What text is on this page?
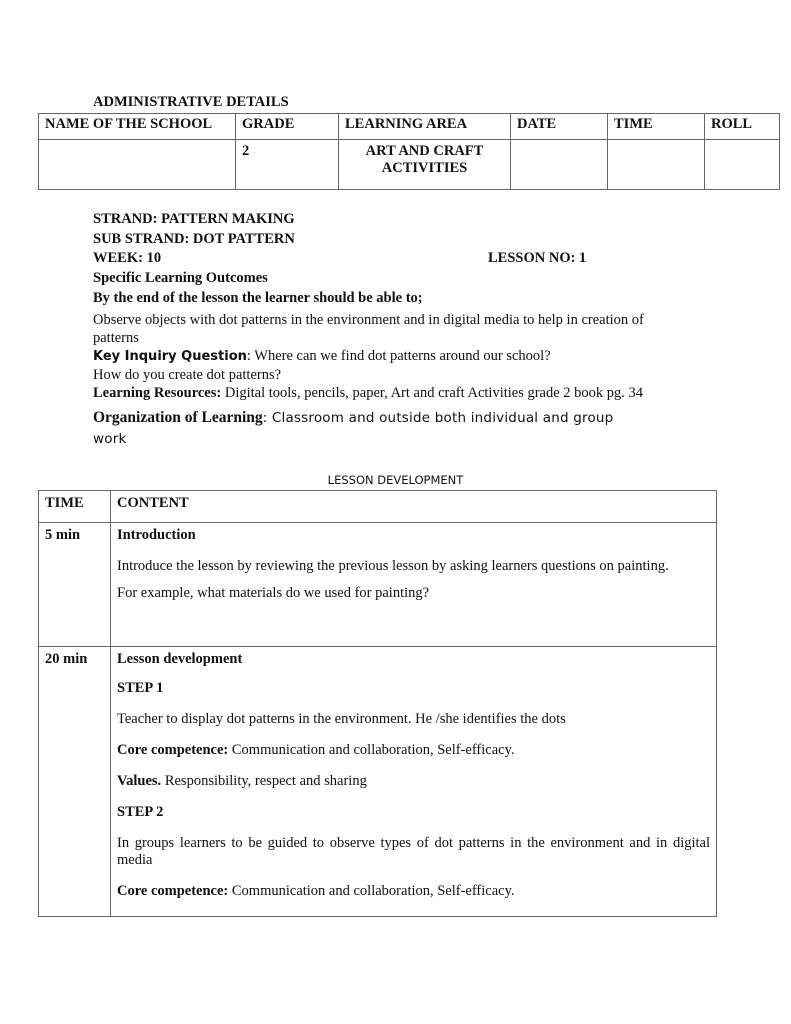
ADMINISTRATIVE DETAILS
NAME OF THE SCHOOL	GRADE	LEARNING AREA	DATE	TIME	ROLL
	2	ART AND CRAFT ACTIVITIES			
STRAND: PATTERN MAKING
SUB STRAND: DOT PATTERN
WEEK: 10	LESSON NO: 1
Specific Learning Outcomes
By the end of the lesson the learner should be able to;
Observe objects with dot patterns in the environment and in digital media to help in creation of
patterns
Key Inquiry Question: Where can we find dot patterns around our school?
How do you create dot patterns?
Learning Resources: Digital tools, pencils, paper, Art and craft Activities grade 2 book pg. 34
Organization of Learning: Classroom and outside both individual and group
work
LESSON DEVELOPMENT
TIME	CONTENT
5 min	Introduction
Introduce the lesson by reviewing the previous lesson by asking learners questions on painting.
For example, what materials do we used for painting?

20 min	Lesson development
STEP 1
Teacher to display dot patterns in the environment. He /she identifies the dots
Core competence: Communication and collaboration, Self-efficacy.
Values. Responsibility, respect and sharing
STEP 2
In groups learners to be guided to observe types of dot patterns in the environment and in digital media
Core competence: Communication and collaboration, Self-efficacy.
